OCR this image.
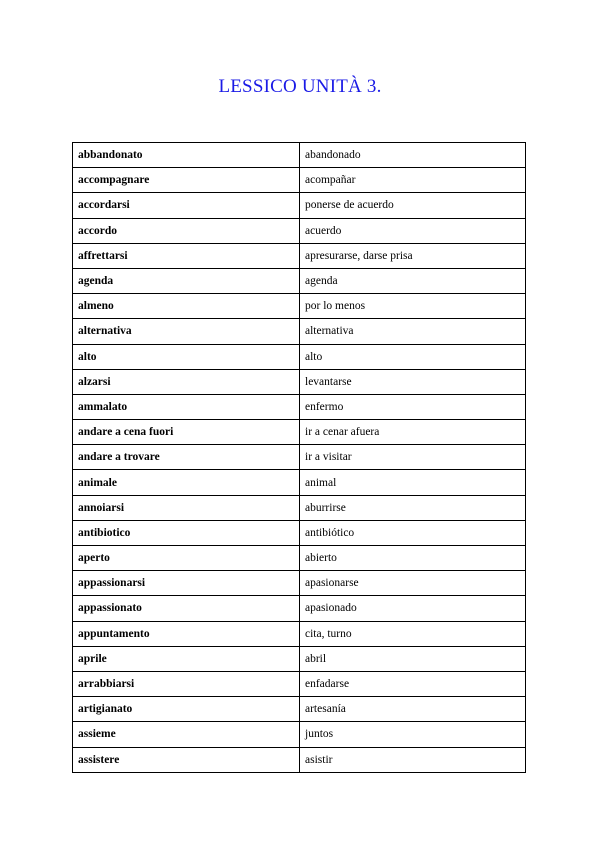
LESSICO UNITÀ 3.
abbandonato	abandonado
accompagnare	acompañar
accordarsi	ponerse de acuerdo
accordo	acuerdo
affrettarsi	apresurarse, darse prisa
agenda	agenda
almeno	por lo menos
alternativa	alternativa
alto	alto
alzarsi	levantarse
ammalato	enfermo
andare a cena fuori	ir a cenar afuera
andare a trovare	ir a visitar
animale	animal
annoiarsi	aburrirse
antibiotico	antibiótico
aperto	abierto
appassionarsi	apasionarse
appassionato	apasionado
appuntamento	cita, turno
aprile	abril
arrabbiarsi	enfadarse
artigianato	artesanía
assieme	juntos
assistere	asistir
